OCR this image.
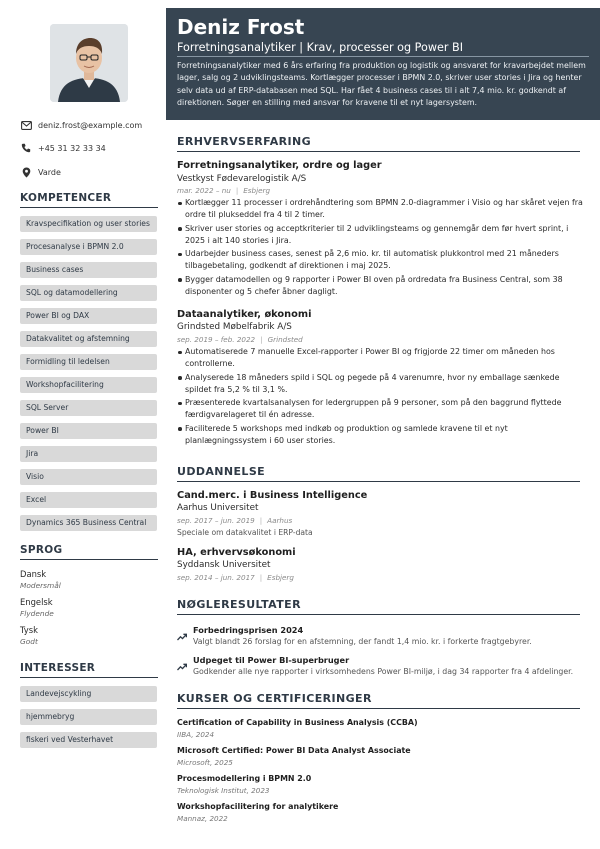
deniz.frost@example.com
+45 31 32 33 34
Varde
KOMPETENCER
Kravspecifikation og user stories
Procesanalyse i BPMN 2.0
Business cases
SQL og datamodellering
Power BI og DAX
Datakvalitet og afstemning
Formidling til ledelsen
Workshopfacilitering
SQL Server
Power BI
Jira
Visio
Excel
Dynamics 365 Business Central
SPROG
Dansk
Modersmål
Engelsk
Flydende
Tysk
Godt
INTERESSER
Landevejscykling
hjemmebryg
fiskeri ved Vesterhavet
Deniz Frost
Forretningsanalytiker | Krav, processer og Power BI
Forretningsanalytiker med 6 års erfaring fra produktion og logistik og ansvaret for kravarbejdet mellem lager, salg og 2 udviklingsteams. Kortlægger processer i BPMN 2.0, skriver user stories i Jira og henter selv data ud af ERP-databasen med SQL. Har fået 4 business cases til i alt 7,4 mio. kr. godkendt af direktionen. Søger en stilling med ansvar for kravene til et nyt lagersystem.
ERHVERVSERFARING
Forretningsanalytiker, ordre og lager
Vestkyst Fødevarelogistik A/S
mar. 2022 – nu | Esbjerg
Kortlægger 11 processer i ordrehåndtering som BPMN 2.0-diagrammer i Visio og har skåret vejen fra ordre til plukseddel fra 4 til 2 timer.
Skriver user stories og acceptkriterier til 2 udviklingsteams og gennemgår dem før hvert sprint, i 2025 i alt 140 stories i Jira.
Udarbejder business cases, senest på 2,6 mio. kr. til automatisk plukkontrol med 21 måneders tilbagebetaling, godkendt af direktionen i maj 2025.
Bygger datamodellen og 9 rapporter i Power BI oven på ordredata fra Business Central, som 38 disponenter og 5 chefer åbner dagligt.
Dataanalytiker, økonomi
Grindsted Møbelfabrik A/S
sep. 2019 – feb. 2022 | Grindsted
Automatiserede 7 manuelle Excel-rapporter i Power BI og frigjorde 22 timer om måneden hos controllerne.
Analyserede 18 måneders spild i SQL og pegede på 4 varenumre, hvor ny emballage sænkede spildet fra 5,2 % til 3,1 %.
Præsenterede kvartalsanalysen for ledergruppen på 9 personer, som på den baggrund flyttede færdigvarelageret til én adresse.
Faciliterede 5 workshops med indkøb og produktion og samlede kravene til et nyt planlægningssystem i 60 user stories.
UDDANNELSE
Cand.merc. i Business Intelligence
Aarhus Universitet
sep. 2017 – jun. 2019 | Aarhus
Speciale om datakvalitet i ERP-data
HA, erhvervsøkonomi
Syddansk Universitet
sep. 2014 – jun. 2017 | Esbjerg
NØGLERESULTATER
Forbedringsprisen 2024
Valgt blandt 26 forslag for en afstemning, der fandt 1,4 mio. kr. i forkerte fragtgebyrer.
Udpeget til Power BI-superbruger
Godkender alle nye rapporter i virksomhedens Power BI-miljø, i dag 34 rapporter fra 4 afdelinger.
KURSER OG CERTIFICERINGER
Certification of Capability in Business Analysis (CCBA)
IIBA, 2024
Microsoft Certified: Power BI Data Analyst Associate
Microsoft, 2025
Procesmodellering i BPMN 2.0
Teknologisk Institut, 2023
Workshopfacilitering for analytikere
Mannaz, 2022
